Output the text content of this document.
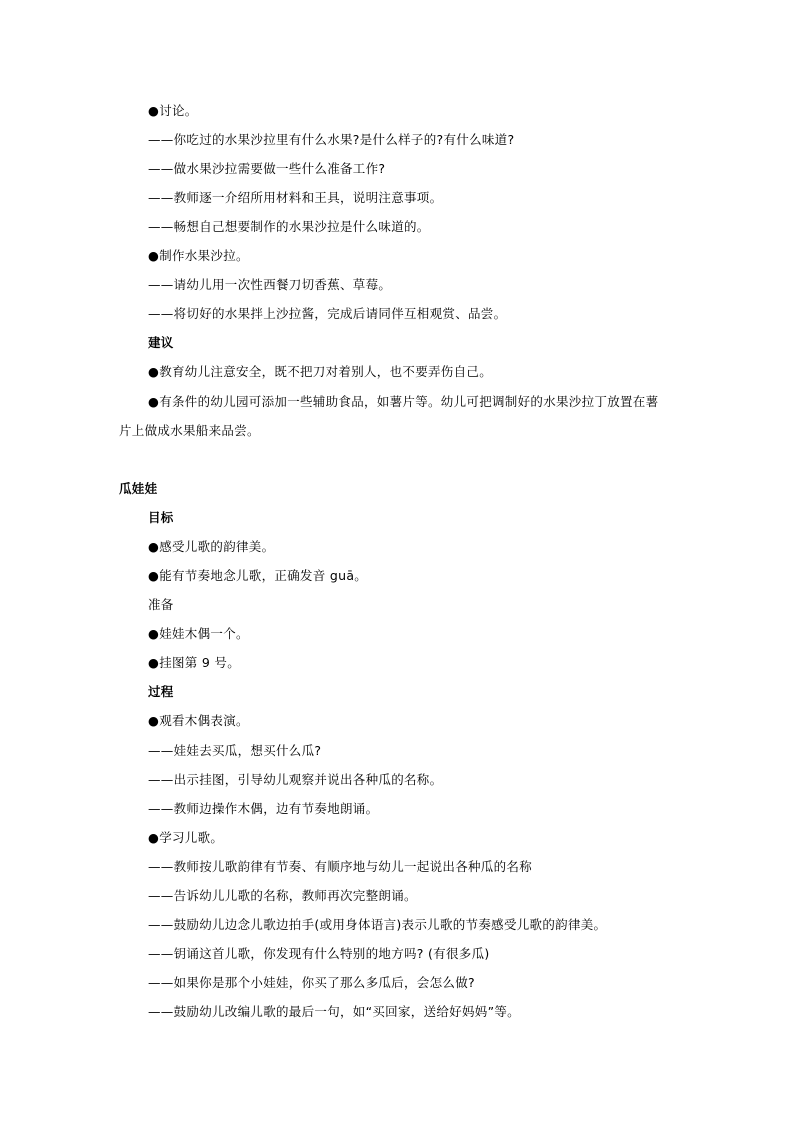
●讨论。
——你吃过的水果沙拉里有什么水果?是什么样子的?有什么味道?
——做水果沙拉需要做一些什么准备工作?
——教师逐一介绍所用材料和王具，说明注意事项。
——畅想自己想要制作的水果沙拉是什么味道的。
●制作水果沙拉。
——请幼儿用一次性西餐刀切香蕉、草莓。
——将切好的水果拌上沙拉酱，完成后请同伴互相观赏、品尝。
建议
●教育幼儿注意安全，既不把刀对着别人，也不要弄伤自己。
●有条件的幼儿园可添加一些辅助食品，如薯片等。幼儿可把调制好的水果沙拉丁放置在薯
片上做成水果船来品尝。
瓜娃娃
目标
●感受儿歌的韵律美。
●能有节奏地念儿歌，正确发音 guā。
准备
●娃娃木偶一个。
●挂图第 9 号。
过程
●观看木偶表演。
——娃娃去买瓜，想买什么瓜?
——出示挂图，引导幼儿观察并说出各种瓜的名称。
——教师边操作木偶，边有节奏地朗诵。
●学习儿歌。
——教师按儿歌韵律有节奏、有顺序地与幼儿一起说出各种瓜的名称
——告诉幼儿儿歌的名称，教师再次完整朗诵。
——鼓励幼儿边念儿歌边拍手(或用身体语言)表示儿歌的节奏感受儿歌的韵律美。
——钥诵这首儿歌，你发现有什么特别的地方吗? (有很多瓜)
——如果你是那个小娃娃，你买了那么多瓜后，会怎么做?
——鼓励幼儿改编儿歌的最后一句，如“买回家，送给好妈妈”等。
